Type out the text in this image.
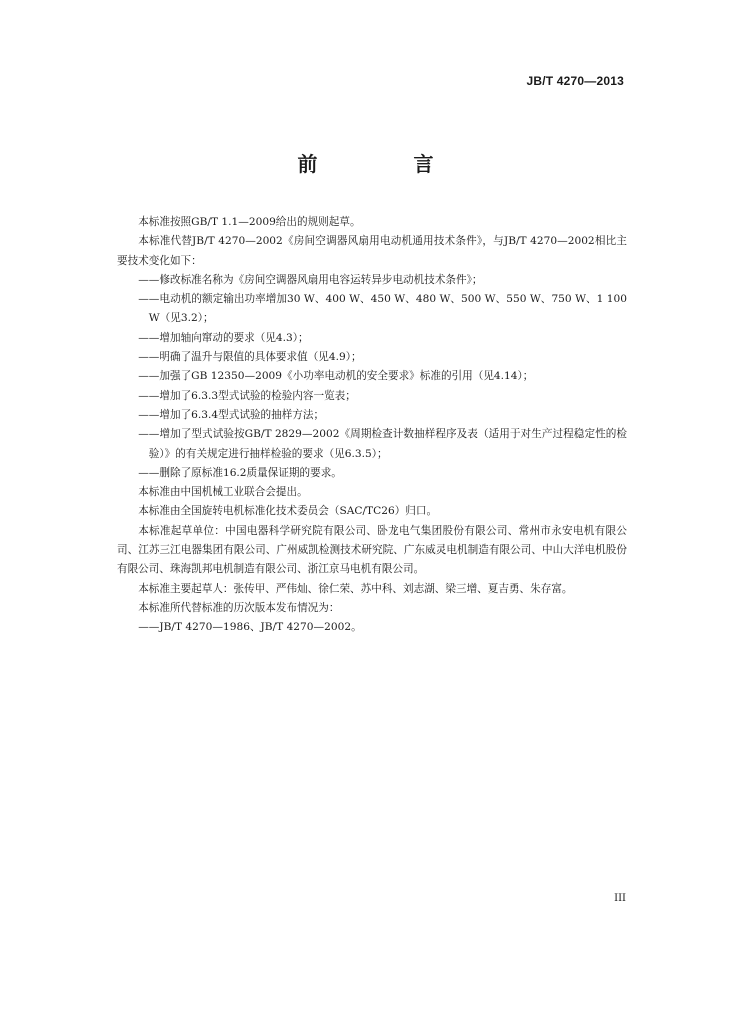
JB/T 4270—2013
前　言

本标准按照GB/T 1.1—2009给出的规则起草。

本标准代替JB/T 4270—2002《房间空调器风扇用电动机通用技术条件》，与JB/T 4270—2002相比主要技术变化如下：

——修改标准名称为《房间空调器风扇用电容运转异步电动机技术条件》；

——电动机的额定输出功率增加30 W、400 W、450 W、480 W、500 W、550 W、750 W、1 100 W（见3.2）；

——增加轴向窜动的要求（见4.3）；

——明确了温升与限值的具体要求值（见4.9）；

——加强了GB 12350—2009《小功率电动机的安全要求》标准的引用（见4.14）；

——增加了6.3.3型式试验的检验内容一览表；

——增加了6.3.4型式试验的抽样方法；

——增加了型式试验按GB/T 2829—2002《周期检查计数抽样程序及表（适用于对生产过程稳定性的检验）》的有关规定进行抽样检验的要求（见6.3.5）；

——删除了原标准16.2质量保证期的要求。

本标准由中国机械工业联合会提出。

本标准由全国旋转电机标准化技术委员会（SAC/TC26）归口。

本标准起草单位：中国电器科学研究院有限公司、卧龙电气集团股份有限公司、常州市永安电机有限公司、江苏三江电器集团有限公司、广州威凯检测技术研究院、广东威灵电机制造有限公司、中山大洋电机股份有限公司、珠海凯邦电机制造有限公司、浙江京马电机有限公司。

本标准主要起草人：张传甲、严伟灿、徐仁荣、苏中科、刘志湖、梁三增、夏吉勇、朱存富。

本标准所代替标准的历次版本发布情况为：

——JB/T 4270—1986、JB/T 4270—2002。

III
